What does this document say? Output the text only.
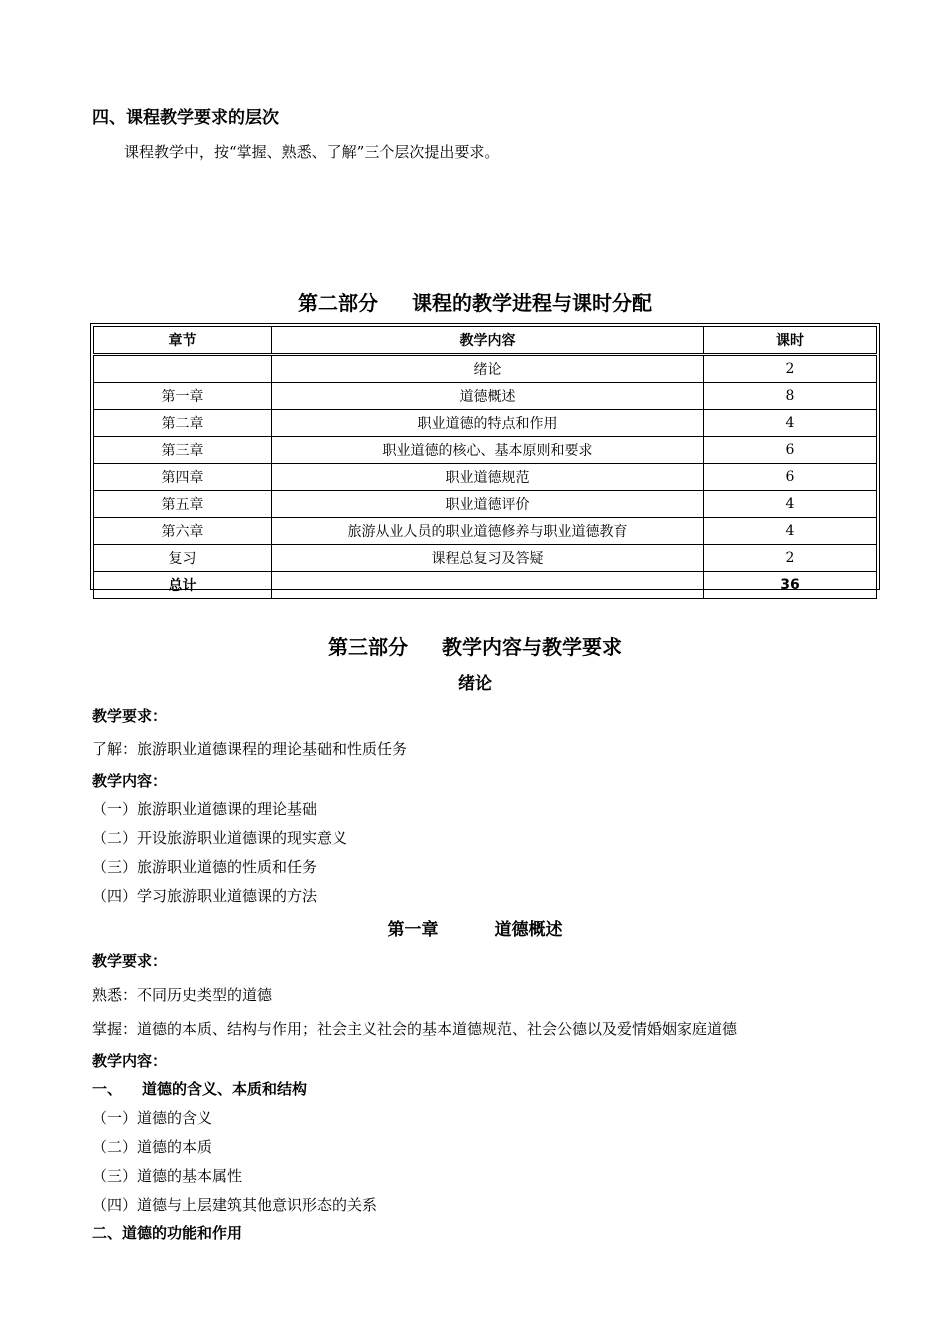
四、课程教学要求的层次
课程教学中，按“掌握、熟悉、了解”三个层次提出要求。
第二部分 课程的教学进程与课时分配
章节	教学内容	课时
	绪论	2
第一章	道德概述	8
第二章	职业道德的特点和作用	4
第三章	职业道德的核心、基本原则和要求	6
第四章	职业道德规范	6
第五章	职业道德评价	4
第六章	旅游从业人员的职业道德修养与职业道德教育	4
复习	课程总复习及答疑	2
总计		36
第三部分 教学内容与教学要求
绪论
教学要求：
了解：旅游职业道德课程的理论基础和性质任务
教学内容：
（一）旅游职业道德课的理论基础
（二）开设旅游职业道德课的现实意义
（三）旅游职业道德的性质和任务
（四）学习旅游职业道德课的方法
第一章	道德概述
教学要求：
熟悉：不同历史类型的道德
掌握：道德的本质、结构与作用；社会主义社会的基本道德规范、社会公德以及爱情婚姻家庭道德
教学内容：
一、 道德的含义、本质和结构
（一）道德的含义
（二）道德的本质
（三）道德的基本属性
（四）道德与上层建筑其他意识形态的关系
二、道德的功能和作用
